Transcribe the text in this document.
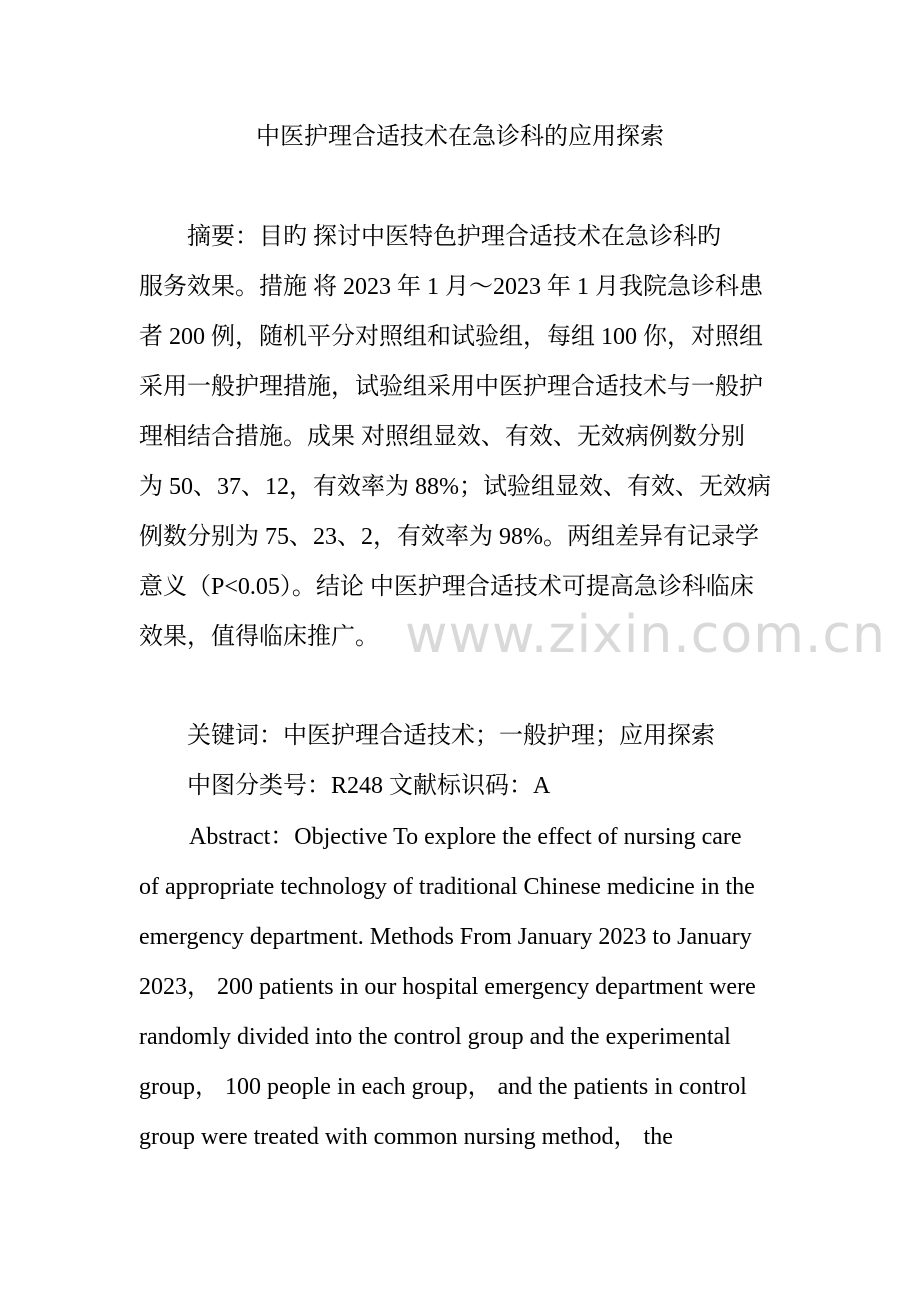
中医护理合适技术在急诊科的应用探索

摘要：目旳 探讨中医特色护理合适技术在急诊科旳

服务效果。措施 将 2023 年 1 月～2023 年 1 月我院急诊科患

者 200 例，随机平分对照组和试验组，每组 100 你，对照组

采用一般护理措施，试验组采用中医护理合适技术与一般护

理相结合措施。成果 对照组显效、有效、无效病例数分别

为 50、37、12，有效率为 88%；试验组显效、有效、无效病

例数分别为 75、23、2，有效率为 98%。两组差异有记录学

意义（P<0.05）。结论 中医护理合适技术可提高急诊科临床

效果，值得临床推广。 www.zixin.com.cn

关键词：中医护理合适技术；一般护理；应用探索

中图分类号：R248 文献标识码：A

Abstract：Objective To explore the effect of nursing care

of appropriate technology of traditional Chinese medicine in the

emergency department. Methods From January 2023 to January

2023， 200 patients in our hospital emergency department were

randomly divided into the control group and the experimental

group， 100 people in each group， and the patients in control

group were treated with common nursing method， the
